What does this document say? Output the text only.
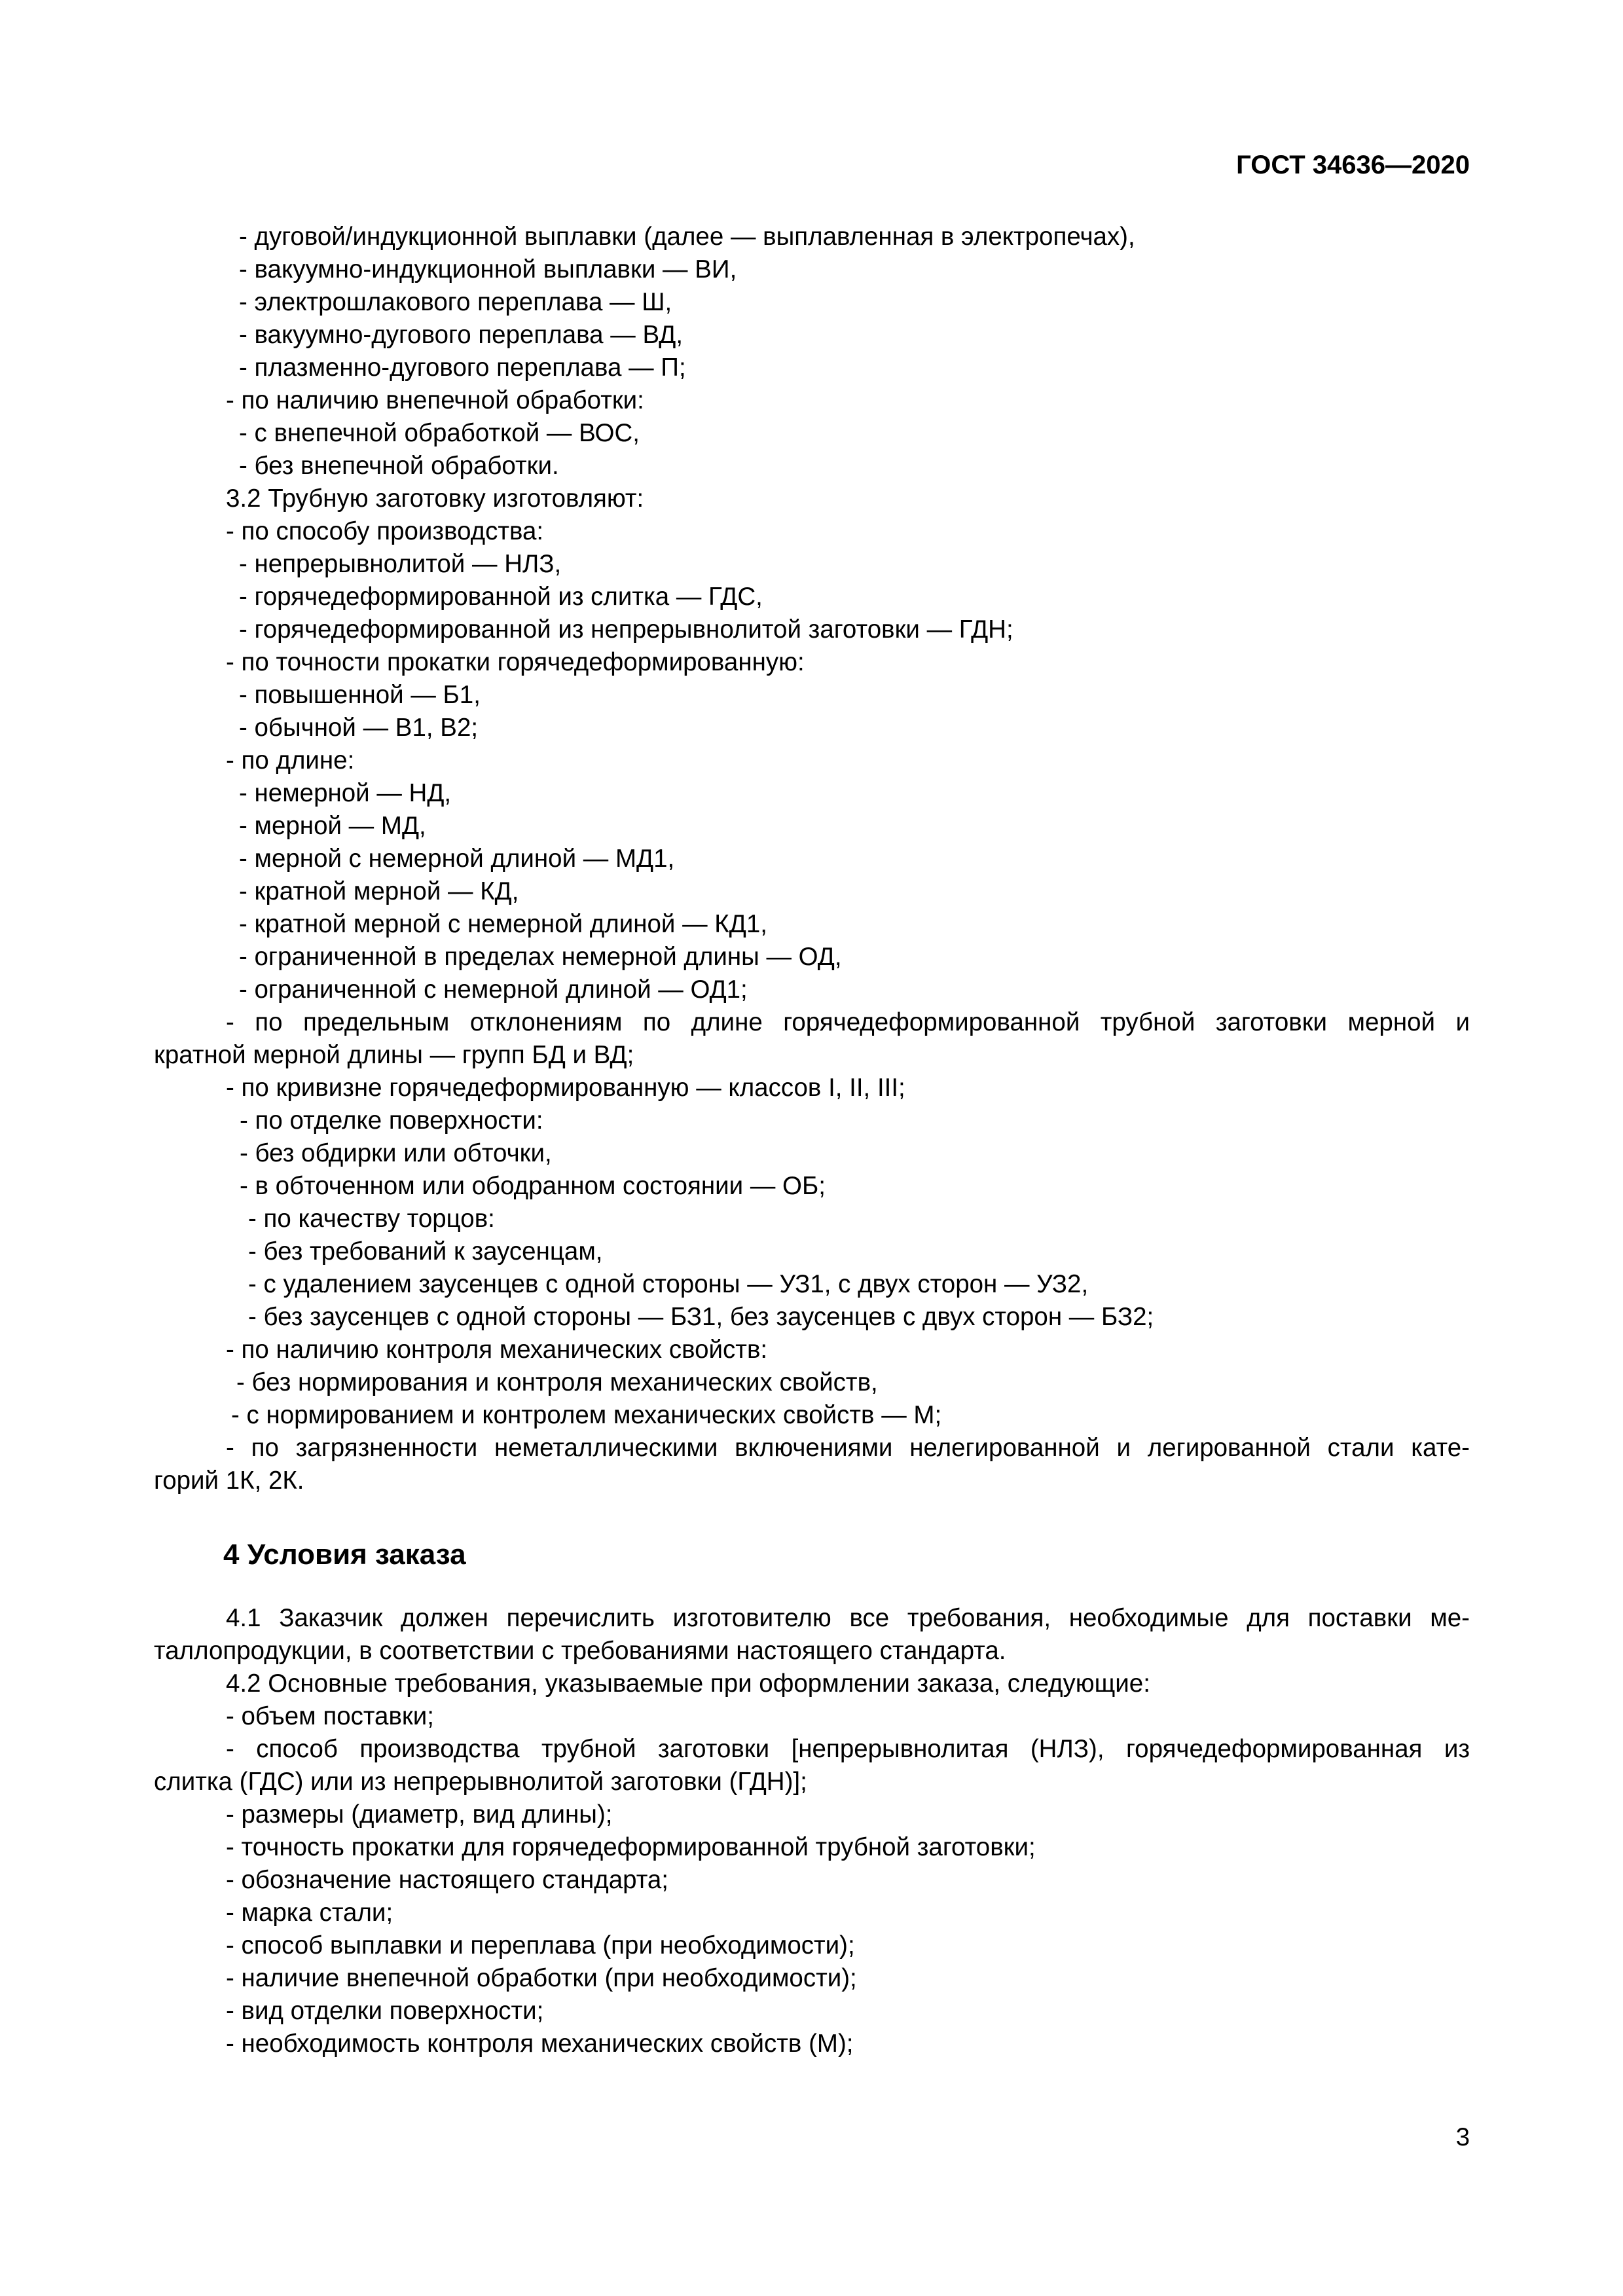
ГОСТ 34636—2020
- дуговой/индукционной выплавки (далее — выплавленная в электропечах),
- вакуумно-индукционной выплавки — ВИ,
- электрошлакового переплава — Ш,
- вакуумно-дугового переплава — ВД,
- плазменно-дугового переплава — П;
- по наличию внепечной обработки:
- с внепечной обработкой — ВОС,
- без внепечной обработки.
3.2 Трубную заготовку изготовляют:
- по способу производства:
- непрерывнолитой — НЛЗ,
- горячедеформированной из слитка — ГДС,
- горячедеформированной из непрерывнолитой заготовки — ГДН;
- по точности прокатки горячедеформированную:
- повышенной — Б1,
- обычной — В1, В2;
- по длине:
- немерной — НД,
- мерной — МД,
- мерной с немерной длиной — МД1,
- кратной мерной — КД,
- кратной мерной с немерной длиной — КД1,
- ограниченной в пределах немерной длины — ОД,
- ограниченной с немерной длиной — ОД1;
- по предельным отклонениям по длине горячедеформированной трубной заготовки мерной и
кратной мерной длины — групп БД и ВД;
- по кривизне горячедеформированную — классов I, II, III;
- по отделке поверхности:
- без обдирки или обточки,
- в обточенном или ободранном состоянии — ОБ;
- по качеству торцов:
- без требований к заусенцам,
- с удалением заусенцев с одной стороны — УЗ1, с двух сторон — УЗ2,
- без заусенцев с одной стороны — БЗ1, без заусенцев с двух сторон — БЗ2;
- по наличию контроля механических свойств:
- без нормирования и контроля механических свойств,
- с нормированием и контролем механических свойств — М;
- по загрязненности неметаллическими включениями нелегированной и легированной стали кате-
горий 1К, 2К.
4 Условия заказа
4.1 Заказчик должен перечислить изготовителю все требования, необходимые для поставки ме-
таллопродукции, в соответствии с требованиями настоящего стандарта.
4.2 Основные требования, указываемые при оформлении заказа, следующие:
- объем поставки;
- способ производства трубной заготовки [непрерывнолитая (НЛЗ), горячедеформированная из
слитка (ГДС) или из непрерывнолитой заготовки (ГДН)];
- размеры (диаметр, вид длины);
- точность прокатки для горячедеформированной трубной заготовки;
- обозначение настоящего стандарта;
- марка стали;
- способ выплавки и переплава (при необходимости);
- наличие внепечной обработки (при необходимости);
- вид отделки поверхности;
- необходимость контроля механических свойств (М);
3
